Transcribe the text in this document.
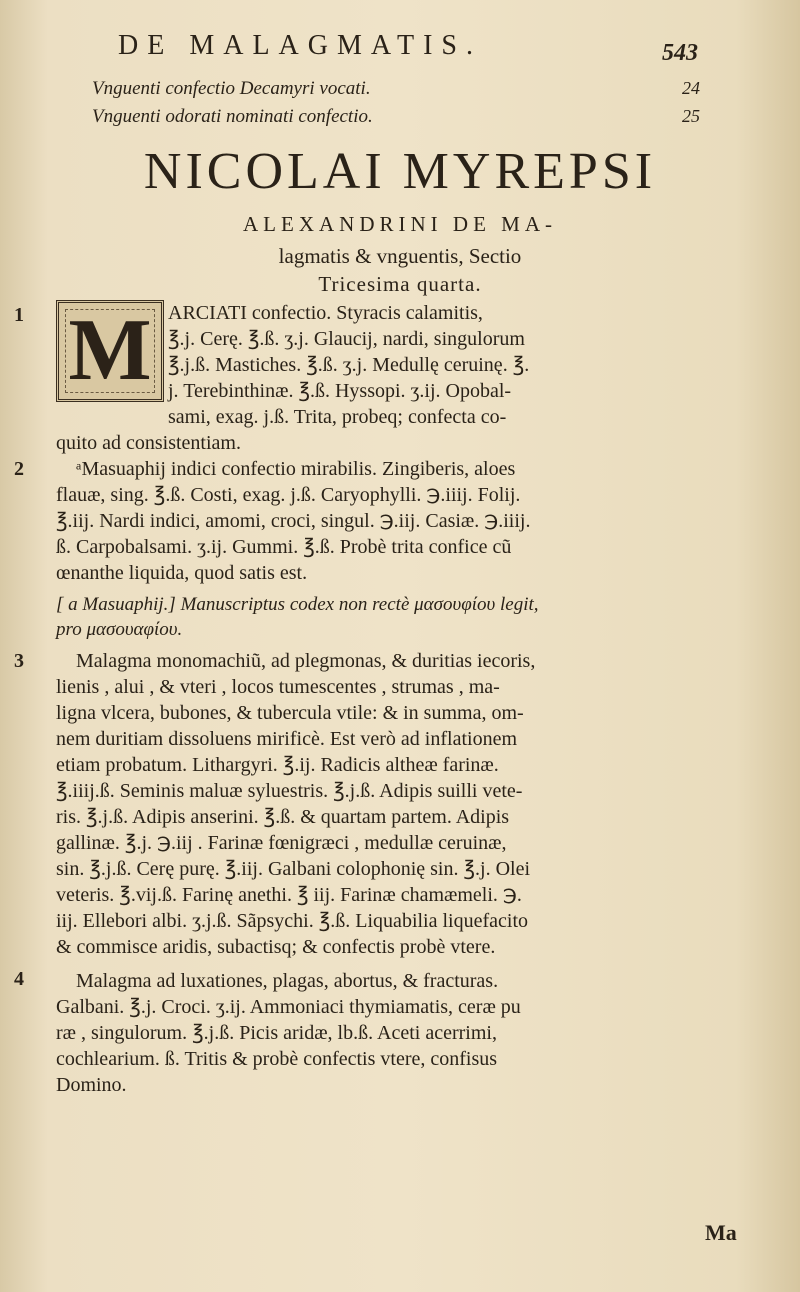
DE MALAGMATIS.	543
Vnguenti confectio Decamyri vocati.	24
Vnguenti odorati nominati confectio.	25
NICOLAI MYREPSI
ALEXANDRINI DE MA-
lagmatis & vnguentis, Sectio
Tricesima quarta.
M
1	ARCIATI confectio. Styracis calamitis,
℥.j. Cerę. ℥.ß. ʒ.j. Glaucij, nardi, singulorum
℥.j.ß. Mastiches. ℥.ß. ʒ.j. Medullę ceruinę. ℥.
j. Terebinthinæ. ℥.ß. Hyssopi. ʒ.ij. Opobal-
sami, exag. j.ß. Trita, probeq; confecta co-
quito ad consistentiam.
2	ᵃMasuaphij indici confectio mirabilis. Zingiberis, aloes
flauæ, sing. ℥.ß. Costi, exag. j.ß. Caryophylli. ℈.iiij. Folij.
℥.iij. Nardi indici, amomi, croci, singul. ℈.iij. Casiæ. ℈.iiij.
ß. Carpobalsami. ʒ.ij. Gummi. ℥.ß. Probè trita confice cũ
œnanthe liquida, quod satis est.
[ a Masuaphij.] Manuscriptus codex non rectè μασουφίου legit,
pro μασουαφίου.
3	Malagma monomachiũ, ad plegmonas, & duritias iecoris,
lienis , alui , & vteri , locos tumescentes , strumas , ma-
ligna vlcera, bubones, & tubercula vtile: & in summa, om-
nem duritiam dissoluens mirificè. Est verò ad inflationem
etiam probatum. Lithargyri. ℥.ij. Radicis altheæ farinæ.
℥.iiij.ß. Seminis maluæ syluestris. ℥.j.ß. Adipis suilli vete-
ris. ℥.j.ß. Adipis anserini. ℥.ß. & quartam partem. Adipis
gallinæ. ℥.j. ℈.iij . Farinæ fœnigræci , medullæ ceruinæ,
sin. ℥.j.ß. Cerę purę. ℥.iij. Galbani colophonię sin. ℥.j. Olei
veteris. ℥.vij.ß. Farinę anethi. ℥ iij. Farinæ chamæmeli. ℈.
iij. Ellebori albi. ʒ.j.ß. Sãpsychi. ℥.ß. Liquabilia liquefacito
& commisce aridis, subactisq; & confectis probè vtere.
4	Malagma ad luxationes, plagas, abortus, & fracturas.
Galbani. ℥.j. Croci. ʒ.ij. Ammoniaci thymiamatis, ceræ pu
ræ , singulorum. ℥.j.ß. Picis aridæ, lb.ß. Aceti acerrimi,
cochlearium. ß. Tritis & probè confectis vtere, confisus
Domino.
Ma
